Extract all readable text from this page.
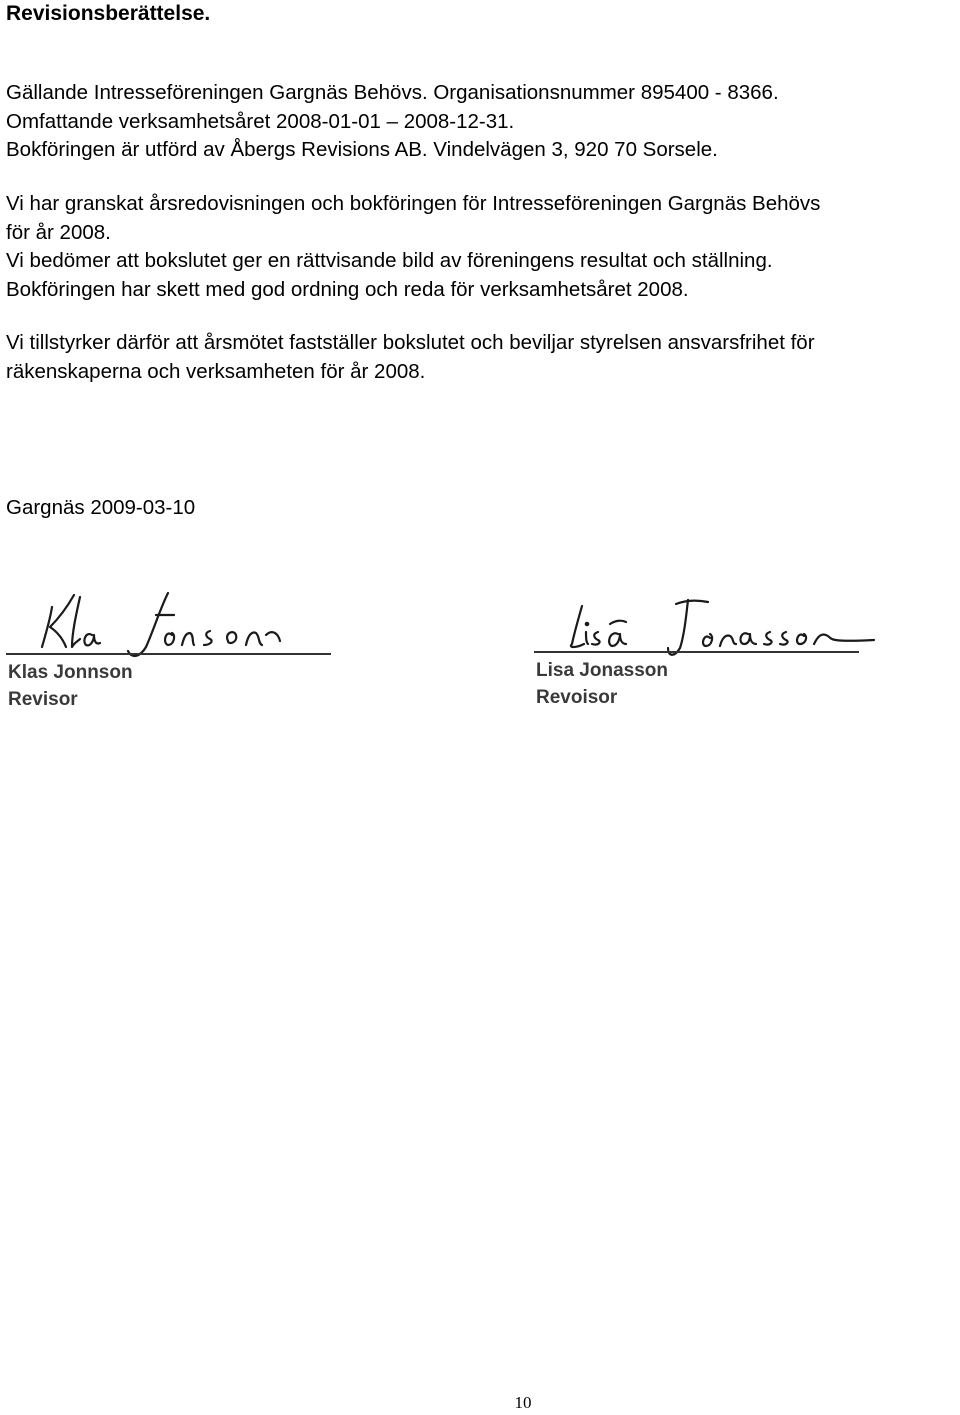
Revisionsberättelse.
Gällande Intresseföreningen Gargnäs Behövs. Organisationsnummer 895400 - 8366.
Omfattande verksamhetsåret 2008-01-01 – 2008-12-31.
Bokföringen är utförd av Åbergs Revisions AB. Vindelvägen 3, 920 70 Sorsele.
Vi har granskat årsredovisningen och bokföringen för Intresseföreningen Gargnäs Behövs
för år 2008.
Vi bedömer att bokslutet ger en rättvisande bild av föreningens resultat och ställning.
Bokföringen har skett med god ordning och reda för verksamhetsåret 2008.
Vi tillstyrker därför att årsmötet fastställer bokslutet och beviljar styrelsen ansvarsfrihet för
räkenskaperna och verksamheten för år 2008.
Gargnäs 2009-03-10
Klas Jonnson
Revisor
Lisa Jonasson
Revoisor
10
